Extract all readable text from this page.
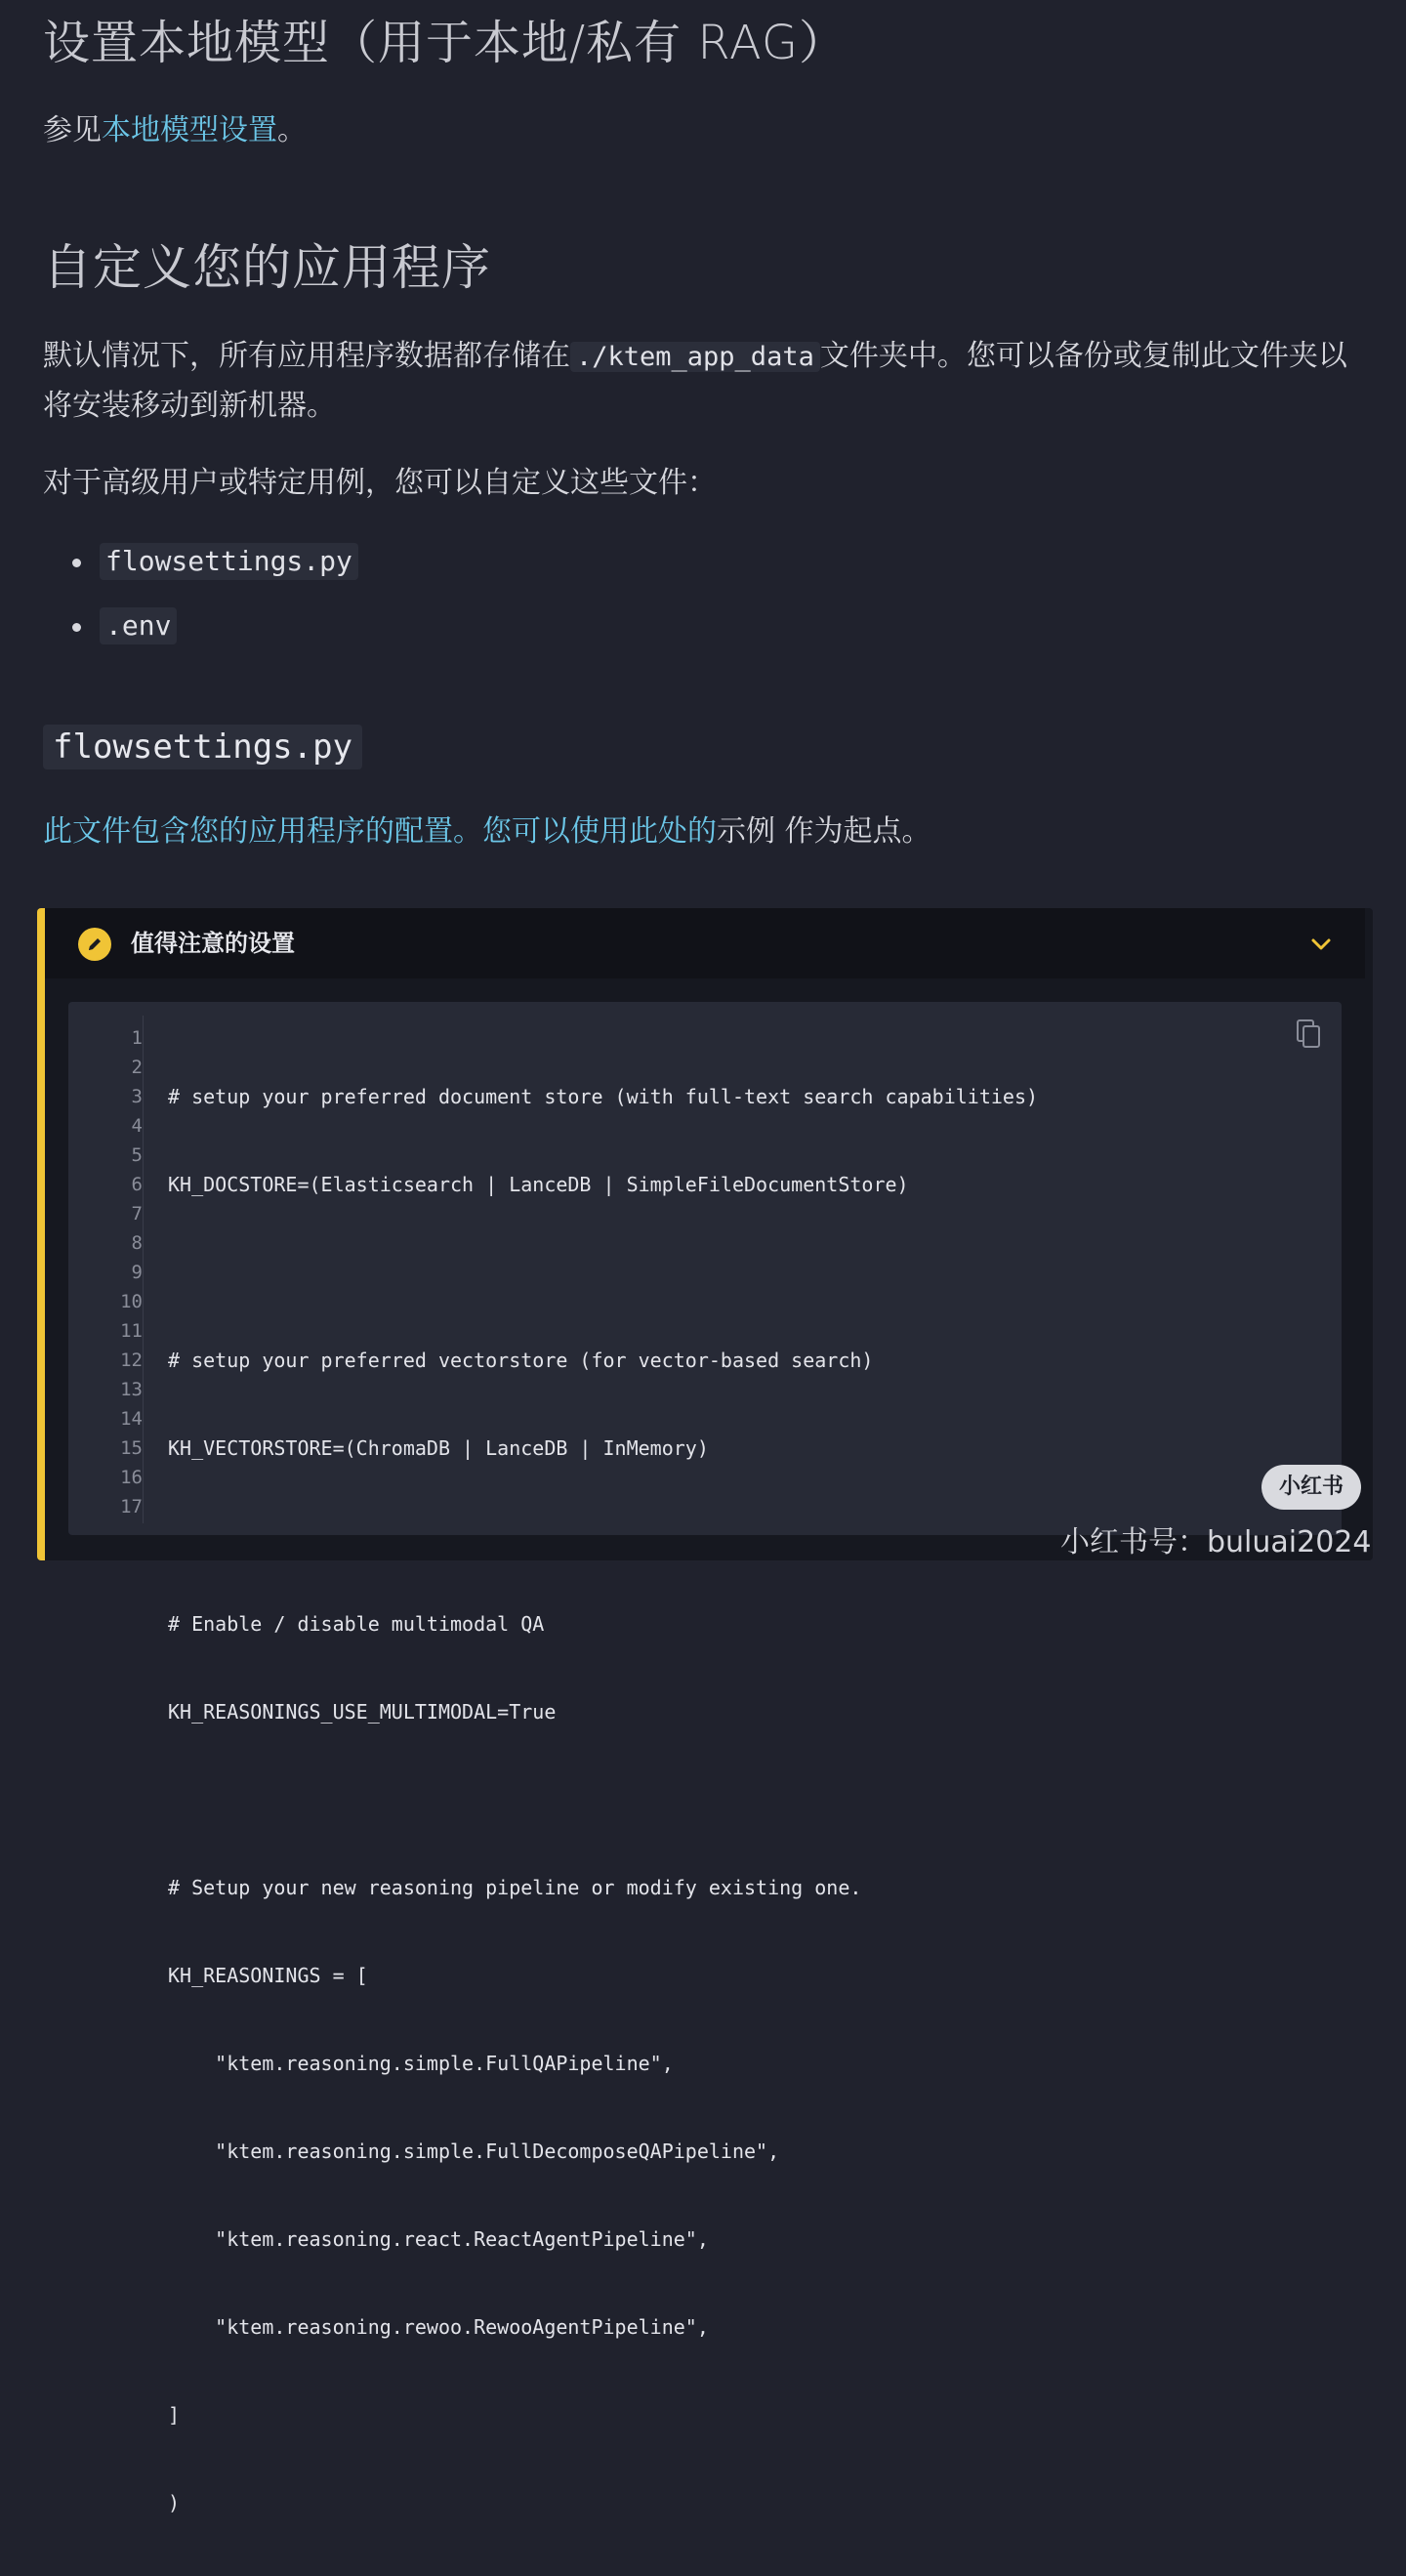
设置本地模型（用于本地/私有 RAG）

参见本地模型设置。

自定义您的应用程序

默认情况下，所有应用程序数据都存储在 ./ktem_app_data 文件夹中。您可以备份或复制此文件夹以将安装移动到新机器。

对于高级用户或特定用例，您可以自定义这些文件：

flowsettings.py
.env
flowsettings.py

此文件包含您的应用程序的配置。您可以使用此处的示例 作为起点。

值得注意的设置
1
2
3
4
5
6
7
8
9
10
11
12
13
14
15
16
17

# setup your preferred document store (with full-text search capabilities)

KH_DOCSTORE=(Elasticsearch | LanceDB | SimpleFileDocumentStore)

# setup your preferred vectorstore (for vector-based search)

KH_VECTORSTORE=(ChromaDB | LanceDB | InMemory)

# Enable / disable multimodal QA

KH_REASONINGS_USE_MULTIMODAL=True

# Setup your new reasoning pipeline or modify existing one.

KH_REASONINGS = [

"ktem.reasoning.simple.FullQAPipeline",

"ktem.reasoning.simple.FullDecomposeQAPipeline",

"ktem.reasoning.react.ReactAgentPipeline",

"ktem.reasoning.rewoo.RewooAgentPipeline",

]

)

小红书
小红书号：buluai2024
